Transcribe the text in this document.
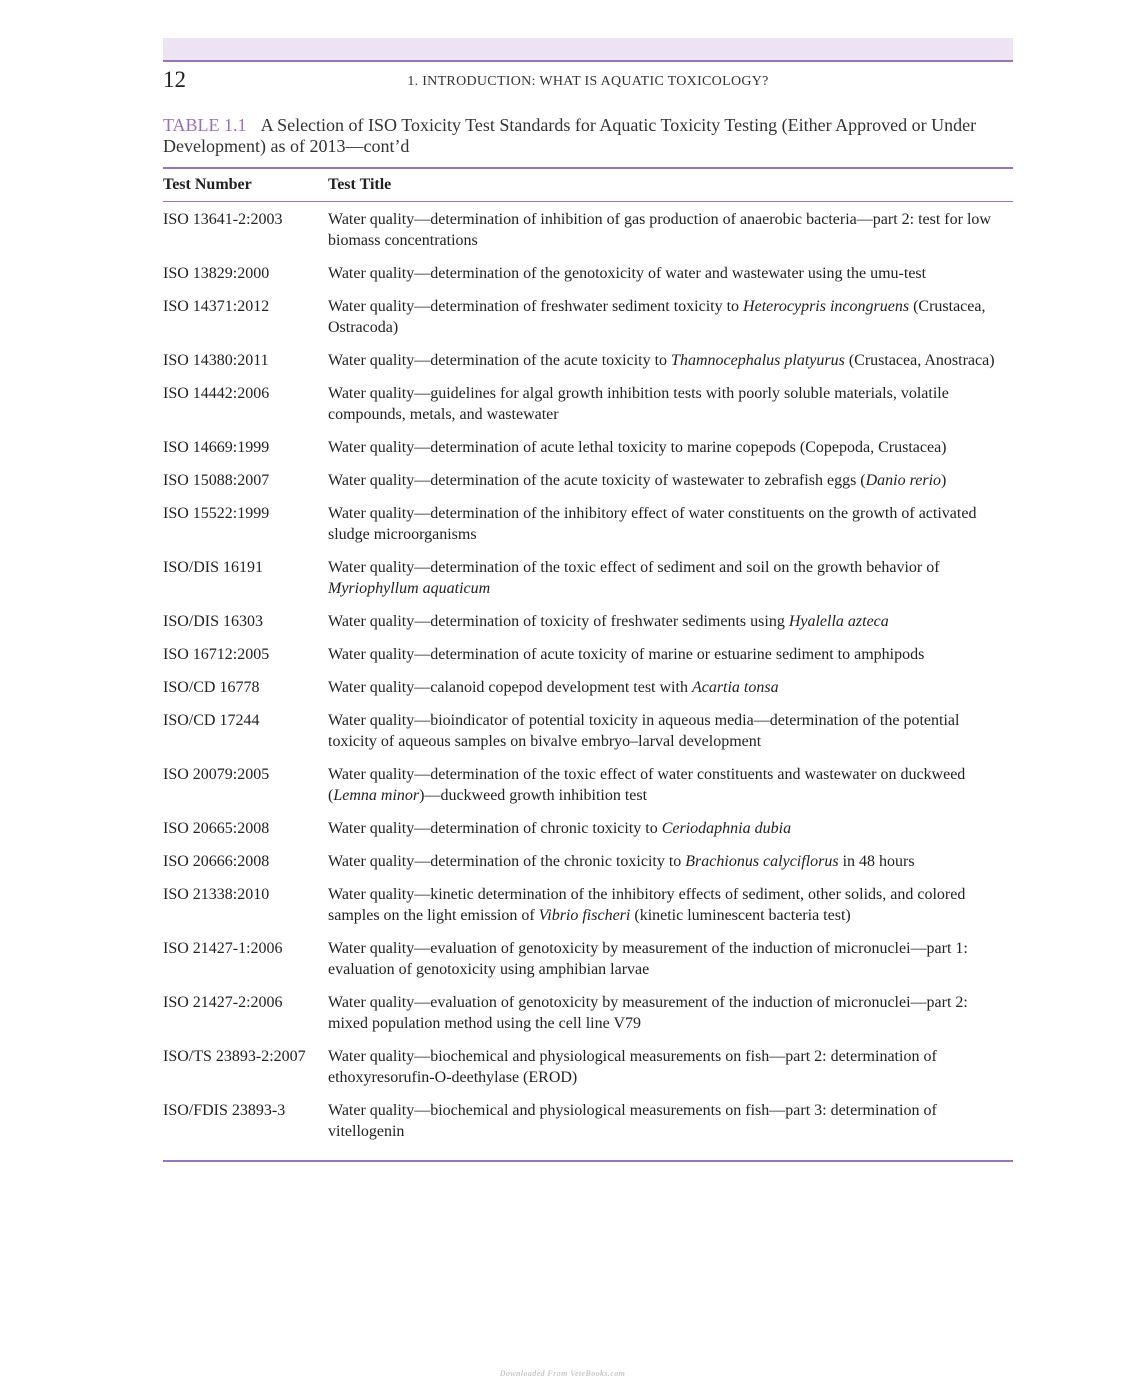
12	1. INTRODUCTION: WHAT IS AQUATIC TOXICOLOGY?
TABLE 1.1 A Selection of ISO Toxicity Test Standards for Aquatic Toxicity Testing (Either Approved or Under Development) as of 2013—cont’d
Test Number	Test Title
ISO 13641-2:2003	Water quality—determination of inhibition of gas production of anaerobic bacteria—part 2: test for low biomass concentrations
ISO 13829:2000	Water quality—determination of the genotoxicity of water and wastewater using the umu-test
ISO 14371:2012	Water quality—determination of freshwater sediment toxicity to Heterocypris incongruens (Crustacea, Ostracoda)
ISO 14380:2011	Water quality—determination of the acute toxicity to Thamnocephalus platyurus (Crustacea, Anostraca)
ISO 14442:2006	Water quality—guidelines for algal growth inhibition tests with poorly soluble materials, volatile compounds, metals, and wastewater
ISO 14669:1999	Water quality—determination of acute lethal toxicity to marine copepods (Copepoda, Crustacea)
ISO 15088:2007	Water quality—determination of the acute toxicity of wastewater to zebrafish eggs (Danio rerio)
ISO 15522:1999	Water quality—determination of the inhibitory effect of water constituents on the growth of activated sludge microorganisms
ISO/DIS 16191	Water quality—determination of the toxic effect of sediment and soil on the growth behavior of Myriophyllum aquaticum
ISO/DIS 16303	Water quality—determination of toxicity of freshwater sediments using Hyalella azteca
ISO 16712:2005	Water quality—determination of acute toxicity of marine or estuarine sediment to amphipods
ISO/CD 16778	Water quality—calanoid copepod development test with Acartia tonsa
ISO/CD 17244	Water quality—bioindicator of potential toxicity in aqueous media—determination of the potential toxicity of aqueous samples on bivalve embryo–larval development
ISO 20079:2005	Water quality—determination of the toxic effect of water constituents and wastewater on duckweed (Lemna minor)—duckweed growth inhibition test
ISO 20665:2008	Water quality—determination of chronic toxicity to Ceriodaphnia dubia
ISO 20666:2008	Water quality—determination of the chronic toxicity to Brachionus calyciflorus in 48 hours
ISO 21338:2010	Water quality—kinetic determination of the inhibitory effects of sediment, other solids, and colored samples on the light emission of Vibrio fischeri (kinetic luminescent bacteria test)
ISO 21427-1:2006	Water quality—evaluation of genotoxicity by measurement of the induction of micronuclei—part 1: evaluation of genotoxicity using amphibian larvae
ISO 21427-2:2006	Water quality—evaluation of genotoxicity by measurement of the induction of micronuclei—part 2: mixed population method using the cell line V79
ISO/TS 23893-2:2007	Water quality—biochemical and physiological measurements on fish—part 2: determination of ethoxyresorufin-O-deethylase (EROD)
ISO/FDIS 23893-3	Water quality—biochemical and physiological measurements on fish—part 3: determination of vitellogenin
Downloaded From VeteBooks.com
